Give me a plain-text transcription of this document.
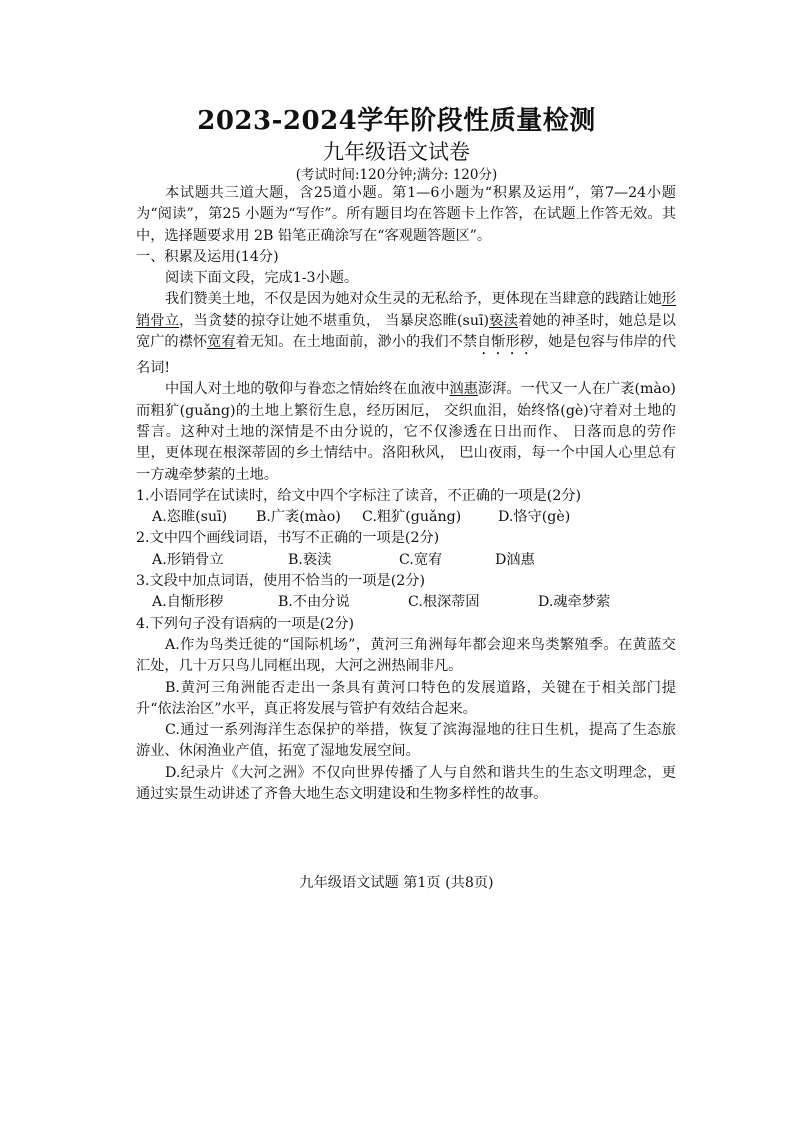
2023-2024学年阶段性质量检测
九年级语文试卷
(考试时间:120分钟;满分: 120分)

本试题共三道大题，含25道小题。第1—6小题为“积累及运用”，第7—24小题为“阅读”，第25 小题为“写作”。所有题目均在答题卡上作答，在试题上作答无效。其中，选择题要求用 2B 铅笔正确涂写在“客观题答题区”。

一、积累及运用(14分)

阅读下面文段，完成1-3小题。

我们赞美土地，不仅是因为她对众生灵的无私给予，更体现在当肆意的践踏让她形销骨立，当贪婪的掠夺让她不堪重负， 当暴戾恣睢(suī)亵渎着她的神圣时，她总是以宽广的襟怀宽宥着无知。在土地面前，渺小的我们不禁自惭形秽，她是包容与伟岸的代名词!

中国人对土地的敬仰与眷恋之情始终在血液中汹惠澎湃。一代又一人在广袤(mào)而粗犷(guǎng)的土地上繁衍生息，经历困厄， 交织血泪，始终恪(gè)守着对土地的誓言。这种对土地的深情是不由分说的，它不仅渗透在日出而作、 日落而息的劳作里，更体现在根深蒂固的乡土情结中。洛阳秋风， 巴山夜雨，每一个中国人心里总有一方魂牵梦萦的土地。

1.小语同学在试读时，给文中四个字标注了读音，不正确的一项是(2分)

A.恣睢(suī)	B.广袤(mào)	C.粗犷(guǎng)	D.恪守(gè)

2.文中四个画线词语，书写不正确的一项是(2分)

A.形销骨立	B.亵渎	C.宽宥	D汹惠

3.文段中加点词语，使用不恰当的一项是(2分)

A.自惭形秽	B.不由分说	C.根深蒂固	D.魂牵梦萦

4.下列句子没有语病的一项是(2分)

A.作为鸟类迁徙的“国际机场”，黄河三角洲每年都会迎来鸟类繁殖季。在黄蓝交汇处，几十万只鸟儿同框出现，大河之洲热闹非凡。

B.黄河三角洲能否走出一条具有黄河口特色的发展道路，关键在于相关部门提升“依法治区”水平，真正将发展与管护有效结合起来。

C.通过一系列海洋生态保护的举措，恢复了滨海湿地的往日生机，提高了生态旅游业、休闲渔业产值，拓宽了湿地发展空间。

D.纪录片《大河之洲》不仅向世界传播了人与自然和谐共生的生态文明理念，更通过实景生动讲述了齐鲁大地生态文明建设和生物多样性的故事。

九年级语文试题 第1页 (共8页)
